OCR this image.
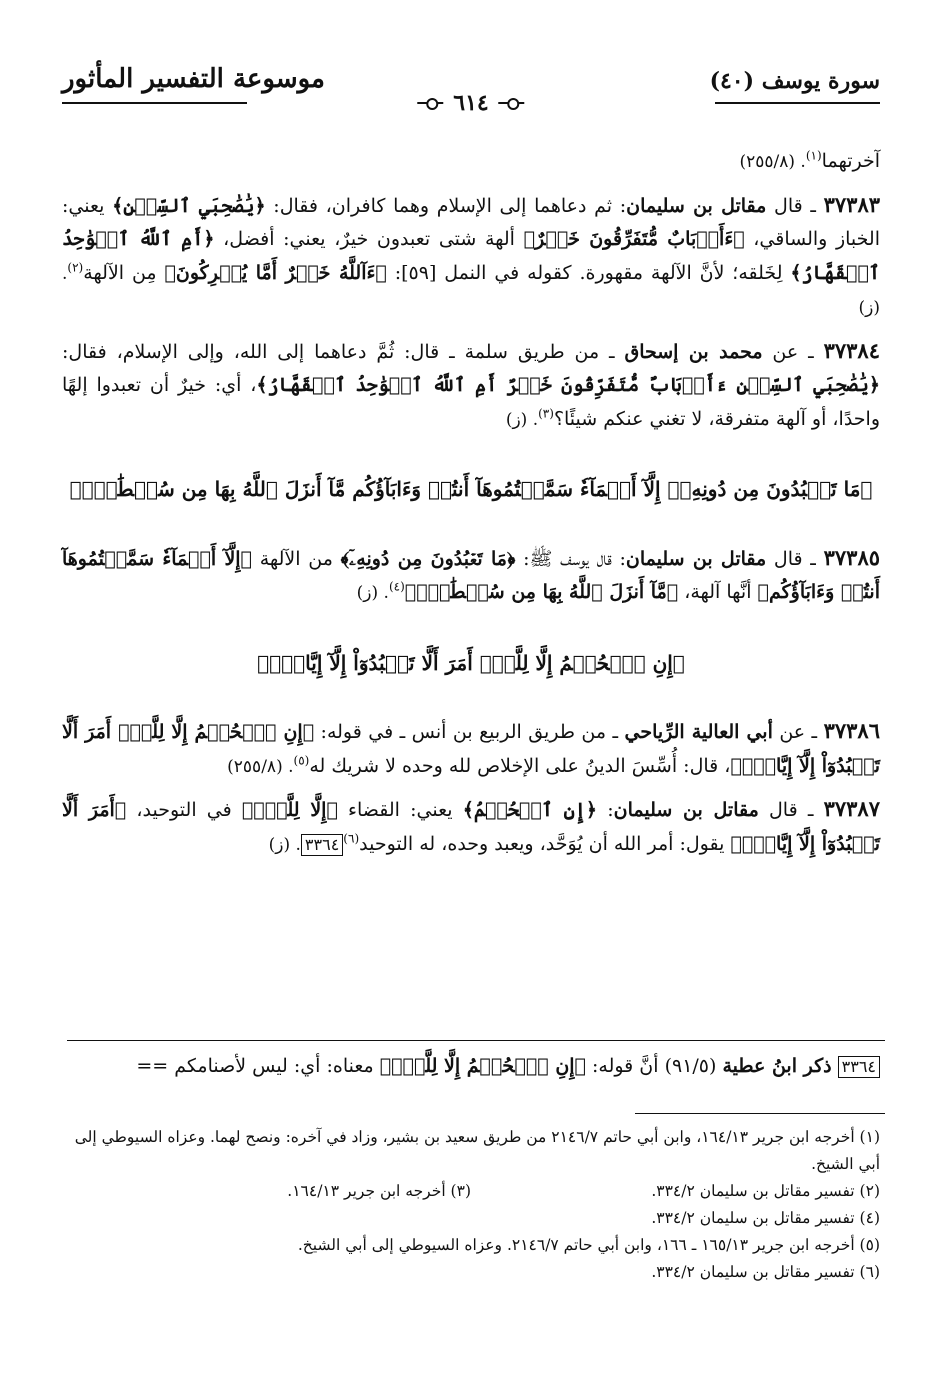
سورة يوسف (٤٠)
٦١٤
موسوعة التفسير المأثور

آخرتهما$^{(١)}$. (٢٥٥/٨)

٣٧٣٨٣ ـ قال مقاتل بن سليمان: ثم دعاهما إلى الإسلام وهما كافران، فقال: ﴿يَٰصَٰحِبَيِ ٱلسِّجۡنِ﴾ يعني: الخباز والساقي، ﴿ءَأَرۡبَابٌ مُّتَفَرِّقُونَ خَيۡرٌ﴾ ألهة شتى تعبدون خيرٌ، يعني: أفضل، ﴿أَمِ ٱللَّهُ ٱلۡوَٰحِدُ ٱلۡقَهَّارُ﴾ لِخَلقه؛ لأنَّ الآلهة مقهورة. كقوله في النمل [٥٩]: ﴿ءَآللَّهُ خَيۡرٌ أَمَّا يُشۡرِكُونَ﴾ مِن الآلهة$^{(٢)}$. (ز)

٣٧٣٨٤ ـ عن محمد بن إسحاق ـ من طريق سلمة ـ قال: ثُمَّ دعاهما إلى الله، وإلى الإسلام، فقال: ﴿يَٰصَٰحِبَيِ ٱلسِّجۡنِ ءَأَرۡبَابٌ مُّتَفَرِّقُونَ خَيۡرٌ أَمِ ٱللَّهُ ٱلۡوَٰحِدُ ٱلۡقَهَّارُ﴾، أي: خيرٌ أن تعبدوا إلهًا واحدًا، أو آلهة متفرقة، لا تغني عنكم شيئًا؟$^{(٣)}$. (ز)

﴿مَا تَعۡبُدُونَ مِن دُونِهِۦٓ إِلَّآ أَسۡمَآءٗ سَمَّيۡتُمُوهَآ أَنتُمۡ وَءَابَآؤُكُم مَّآ أَنزَلَ ٱللَّهُ بِهَا مِن سُلۡطَٰنٍۚ﴾

٣٧٣٨٥ ـ قال مقاتل بن سليمان: قال يوسف ﷺ: ﴿مَا تَعۡبُدُونَ مِن دُونِهِۦٓ﴾ من الآلهة ﴿إِلَّآ أَسۡمَآءٗ سَمَّيۡتُمُوهَآ أَنتُمۡ وَءَابَآؤُكُم﴾ أنَّها آلهة، ﴿مَّآ أَنزَلَ ٱللَّهُ بِهَا مِن سُلۡطَٰنٍۚ﴾$^{(٤)}$. (ز)

﴿إِنِ ٱلۡحُكۡمُ إِلَّا لِلَّهِۚ أَمَرَ أَلَّا تَعۡبُدُوٓاْ إِلَّآ إِيَّاهُۚ﴾

٣٧٣٨٦ ـ عن أبي العالية الرِّياحي ـ من طريق الربيع بن أنس ـ في قوله: ﴿إِنِ ٱلۡحُكۡمُ إِلَّا لِلَّهِۚ أَمَرَ أَلَّا تَعۡبُدُوٓاْ إِلَّآ إِيَّاهُۚ﴾، قال: أُسِّسَ الدينُ على الإخلاص لله وحده لا شريك له$^{(٥)}$. (٢٥٥/٨)

٣٧٣٨٧ ـ قال مقاتل بن سليمان: ﴿إِنِ ٱلۡحُكۡمُ﴾ يعني: القضاء ﴿إِلَّا لِلَّهِۚ﴾ في التوحيد، ﴿أَمَرَ أَلَّا تَعۡبُدُوٓاْ إِلَّآ إِيَّاهُۚ﴾ يقول: أمر الله أن يُوَحَّد، ويعبد وحده، له التوحيد$^{(٦)}$٣٣٦٤. (ز)

٣٣٦٤ ذكر ابنُ عطية (٩١/٥) أنَّ قوله: ﴿إِنِ ٱلۡحُكۡمُ إِلَّا لِلَّهِۚ﴾ معناه: أي: ليس لأصنامكم ==

(١) أخرجه ابن جرير ١٦٤/١٣، وابن أبي حاتم ٢١٤٦/٧ من طريق سعيد بن بشير، وزاد في آخره: ونصح لهما. وعزاه السيوطي إلى أبي الشيخ.

(٢) تفسير مقاتل بن سليمان ٣٣٤/٢.

(٣) أخرجه ابن جرير ١٦٤/١٣.

(٤) تفسير مقاتل بن سليمان ٣٣٤/٢.

(٥) أخرجه ابن جرير ١٦٥/١٣ ـ ١٦٦، وابن أبي حاتم ٢١٤٦/٧. وعزاه السيوطي إلى أبي الشيخ.

(٦) تفسير مقاتل بن سليمان ٣٣٤/٢.
